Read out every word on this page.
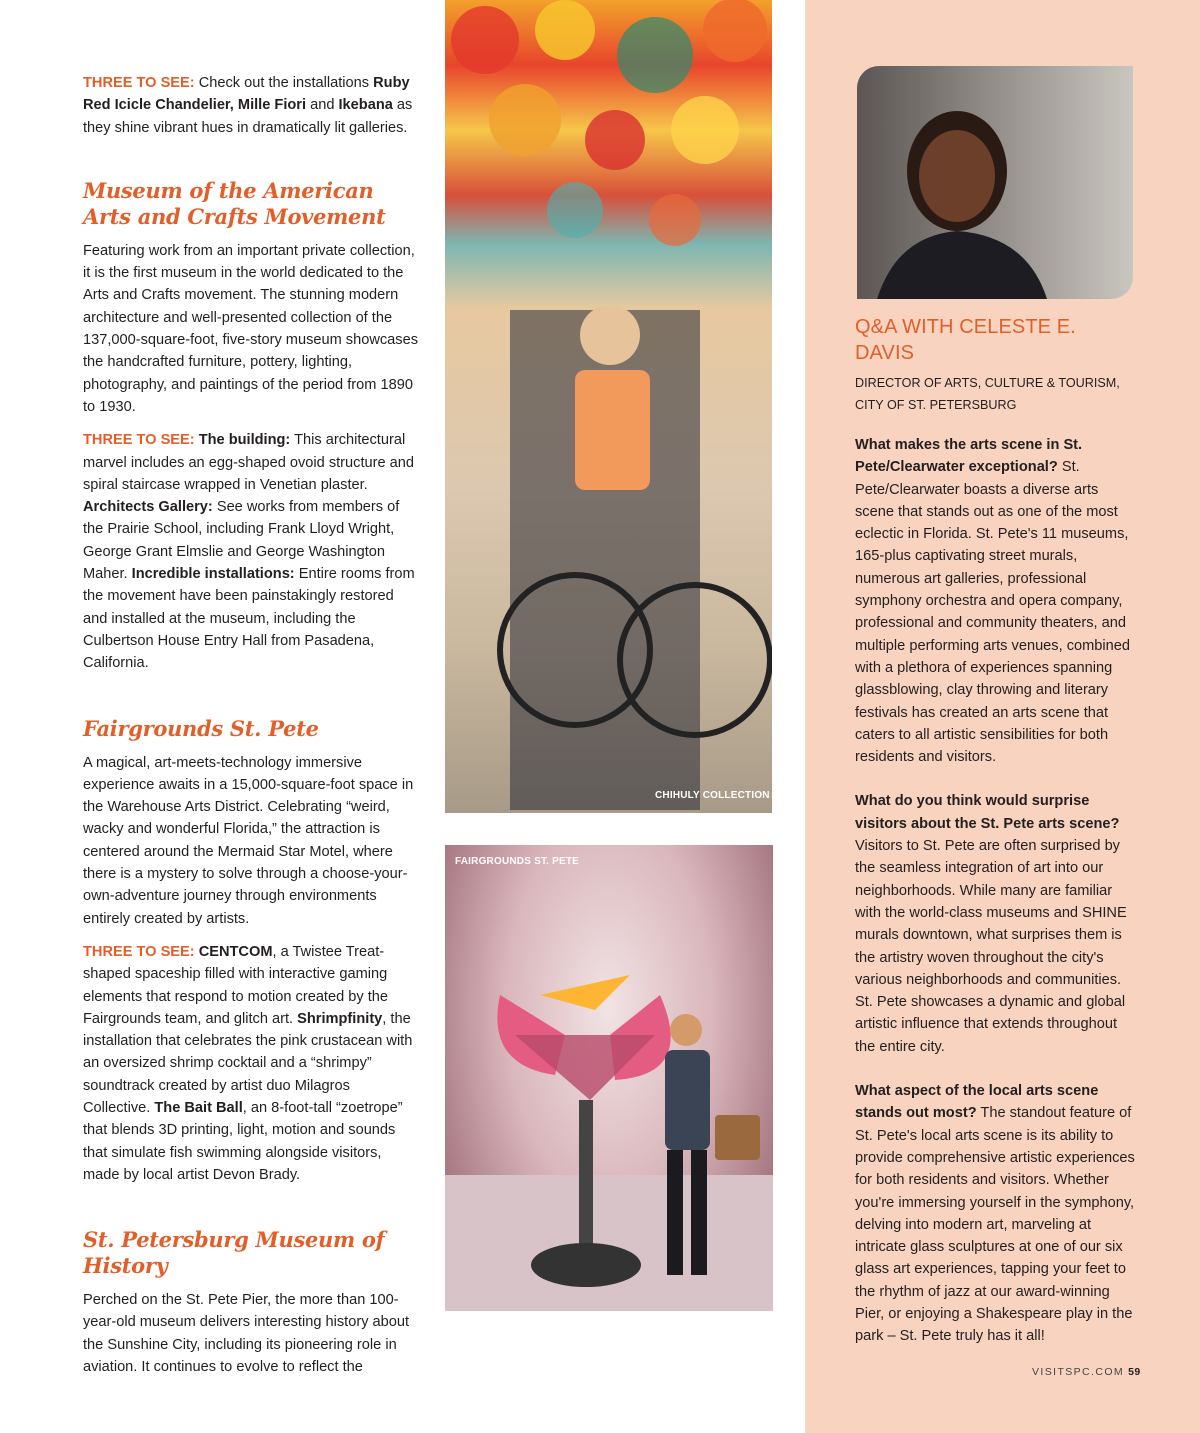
THREE TO SEE: Check out the installations Ruby Red Icicle Chandelier, Mille Fiori and Ikebana as they shine vibrant hues in dramatically lit galleries.

Museum of the American Arts and Crafts Movement

Featuring work from an important private collection, it is the first museum in the world dedicated to the Arts and Crafts movement. The stunning modern architecture and well-presented collection of the 137,000-square-foot, five-story museum showcases the handcrafted furniture, pottery, lighting, photography, and paintings of the period from 1890 to 1930.

THREE TO SEE: The building: This architectural marvel includes an egg-shaped ovoid structure and spiral staircase wrapped in Venetian plaster. Architects Gallery: See works from members of the Prairie School, including Frank Lloyd Wright, George Grant Elmslie and George Washington Maher. Incredible installations: Entire rooms from the movement have been painstakingly restored and installed at the museum, including the Culbertson House Entry Hall from Pasadena, California.

Fairgrounds St. Pete

A magical, art-meets-technology immersive experience awaits in a 15,000-square-foot space in the Warehouse Arts District. Celebrating “weird, wacky and wonderful Florida,” the attraction is centered around the Mermaid Star Motel, where there is a mystery to solve through a choose-your-own-adventure journey through environments entirely created by artists.

THREE TO SEE: CENTCOM, a Twistee Treat-shaped spaceship filled with interactive gaming elements that respond to motion created by the Fairgrounds team, and glitch art. Shrimpfinity, the installation that celebrates the pink crustacean with an oversized shrimp cocktail and a “shrimpy” soundtrack created by artist duo Milagros Collective. The Bait Ball, an 8-foot-tall “zoetrope” that blends 3D printing, light, motion and sounds that simulate fish swimming alongside visitors, made by local artist Devon Brady.

St. Petersburg Museum of History

Perched on the St. Pete Pier, the more than 100-year-old museum delivers interesting history about the Sunshine City, including its pioneering role in aviation. It continues to evolve to reflect the

CHIHULY COLLECTION
FAIRGROUNDS ST. PETE
Q&A WITH CELESTE E. DAVIS
DIRECTOR OF ARTS, CULTURE & TOURISM,
CITY OF ST. PETERSBURG

What makes the arts scene in St. Pete/Clearwater exceptional? St. Pete/Clearwater boasts a diverse arts scene that stands out as one of the most eclectic in Florida. St. Pete's 11 museums, 165-plus captivating street murals, numerous art galleries, professional symphony orchestra and opera company, professional and community theaters, and multiple performing arts venues, combined with a plethora of experiences spanning glassblowing, clay throwing and literary festivals has created an arts scene that caters to all artistic sensibilities for both residents and visitors.

What do you think would surprise visitors about the St. Pete arts scene? Visitors to St. Pete are often surprised by the seamless integration of art into our neighborhoods. While many are familiar with the world-class museums and SHINE murals downtown, what surprises them is the artistry woven throughout the city's various neighborhoods and communities. St. Pete showcases a dynamic and global artistic influence that extends throughout the entire city.

What aspect of the local arts scene stands out most? The standout feature of St. Pete's local arts scene is its ability to provide comprehensive artistic experiences for both residents and visitors. Whether you're immersing yourself in the symphony, delving into modern art, marveling at intricate glass sculptures at one of our six glass art experiences, tapping your feet to the rhythm of jazz at our award-winning Pier, or enjoying a Shakespeare play in the park – St. Pete truly has it all!

VISITSPC.COM 59
